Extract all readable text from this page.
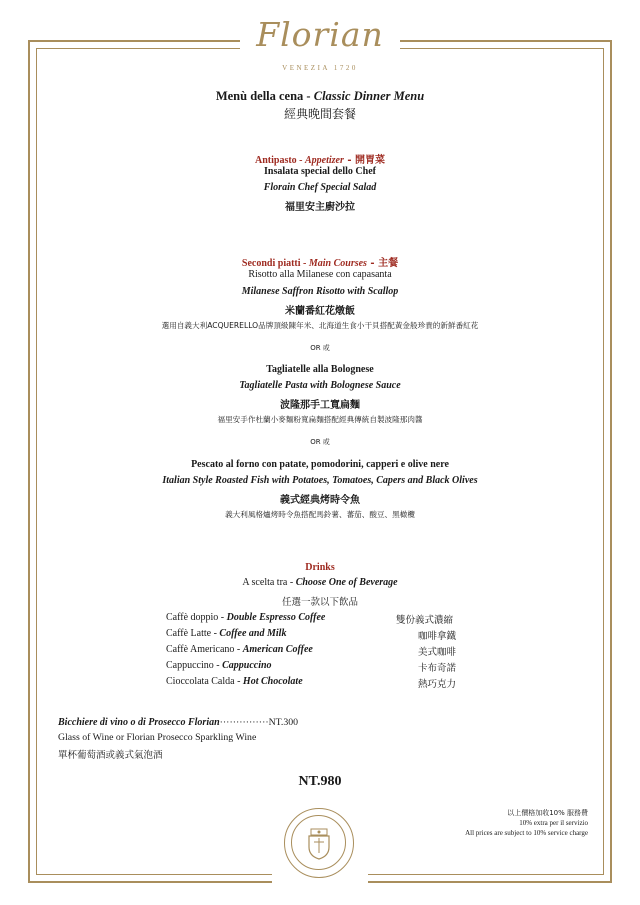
Florian
VENEZIA 1720
Menù della cena - Classic Dinner Menu
經典晚間套餐
Antipasto - Appetizer - 開胃菜
Insalata special dello Chef
Florain Chef Special Salad
福里安主廚沙拉
Secondi piatti - Main Courses - 主餐
Risotto alla Milanese con capasanta
Milanese Saffron Risotto with Scallop
米蘭番紅花燉飯
選用自義大利ACQUERELLO品牌頂級陳年米、北海道生食小干貝搭配黃金般珍貴的新鮮番紅花
OR 或
Tagliatelle alla Bolognese
Tagliatelle Pasta with Bolognese Sauce
波隆那手工寬扁麵
福里安手作杜蘭小麥麵粉寬扁麵搭配經典傳統自製波隆那肉醬
OR 或
Pescato al forno con patate, pomodorini, capperi e olive nere
Italian Style Roasted Fish with Potatoes, Tomatoes, Capers and Black Olives
義式經典烤時令魚
義大利風格爐烤時令魚搭配馬鈴薯、蕃茄、酸豆、黑橄欖
Drinks
A scelta tra - Choose One of Beverage
任選一款以下飲品
Caffè doppio - Double Espresso Coffee	雙份義式濃縮
Caffè Latte - Coffee and Milk	咖啡拿鐵
Caffè Americano - American Coffee	美式咖啡
Cappuccino - Cappuccino	卡布奇諾
Cioccolata Calda - Hot Chocolate	熱巧克力
Bicchiere di vino o di Prosecco Florian···············NT.300
Glass of Wine or Florian Prosecco Sparkling Wine
單杯葡萄酒或義式氣泡酒
NT.980
以上價格加收10% 服務費
10% extra per il servizio
All prices are subject to 10% service charge
